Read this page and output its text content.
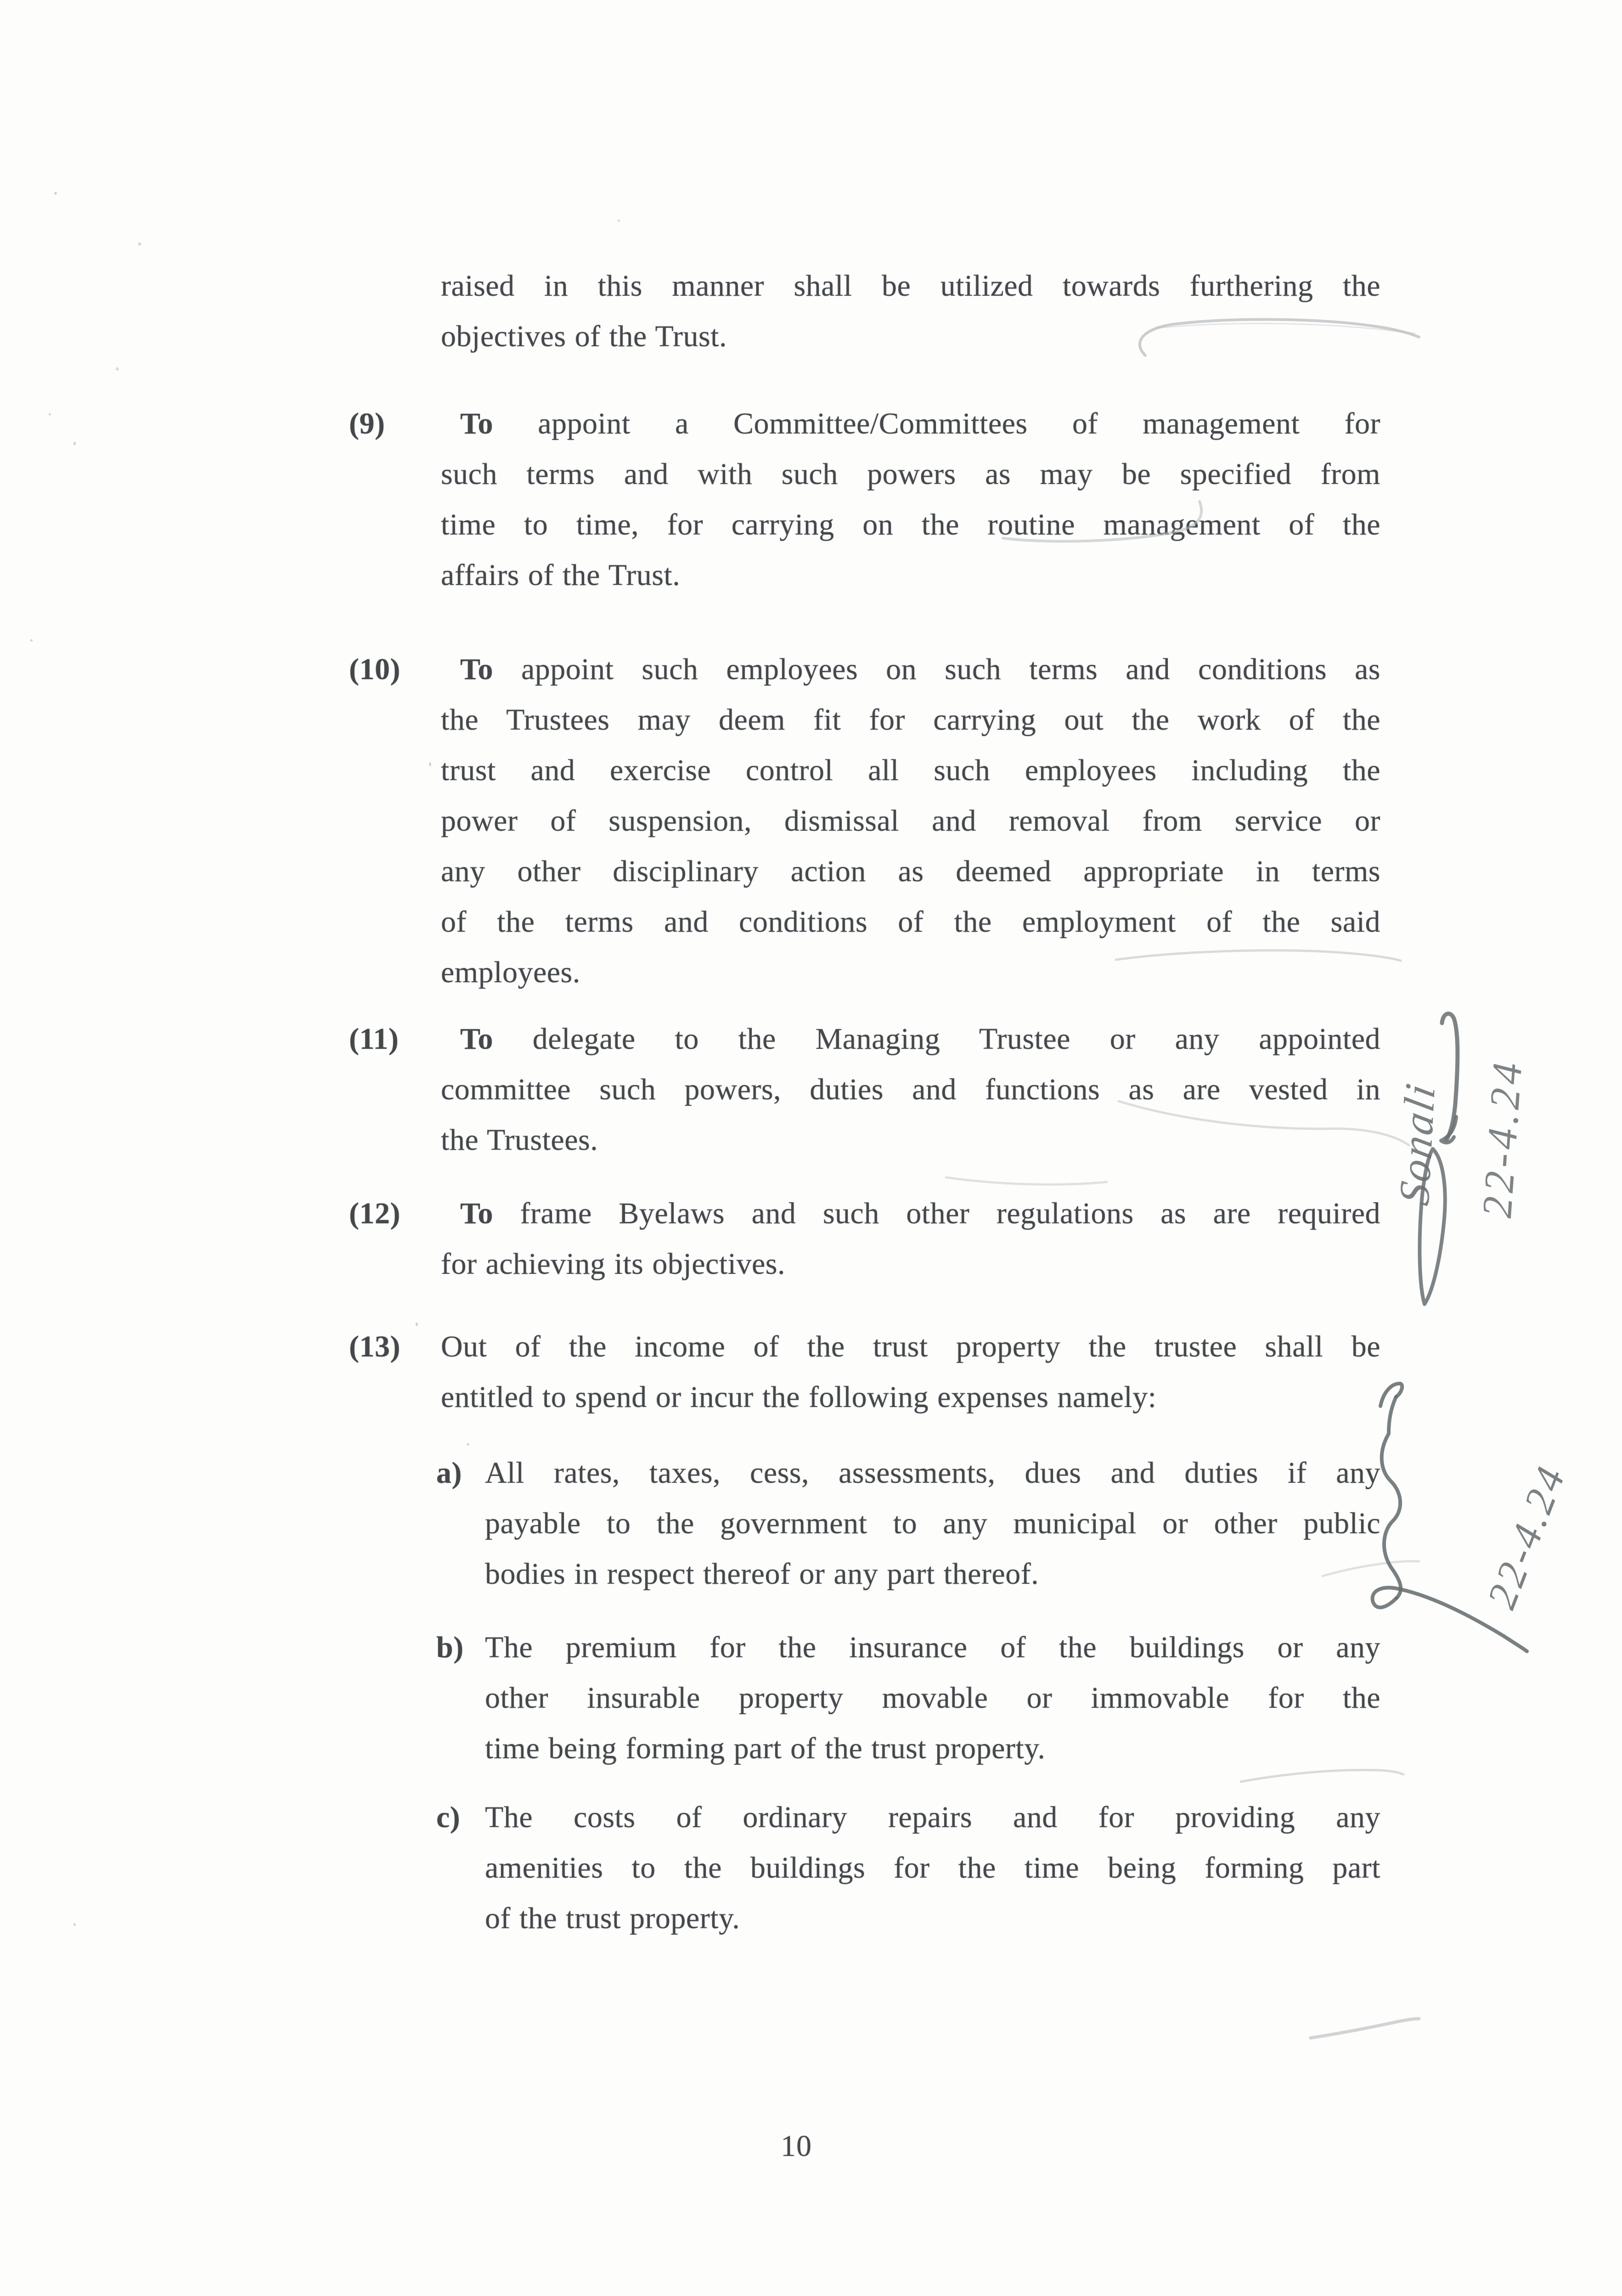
raised in this manner shall be utilized towards furthering the
objectives of the Trust.
(9)	To appoint a Committee/Committees of management for
such terms and with such powers as may be specified from
time to time, for carrying on the routine management of the
affairs of the Trust.
(10)	To appoint such employees on such terms and conditions as
the Trustees may deem fit for carrying out the work of the
trust and exercise control all such employees including the
power of suspension, dismissal and removal from service or
any other disciplinary action as deemed appropriate in terms
of the terms and conditions of the employment of the said
employees.
(11)	To delegate to the Managing Trustee or any appointed
committee such powers, duties and functions as are vested in
the Trustees.
(12)	To frame Byelaws and such other regulations as are required
for achieving its objectives.
(13)	Out of the income of the trust property the trustee shall be
entitled to spend or incur the following expenses namely:
a) All rates, taxes, cess, assessments, dues and duties if any
payable to the government to any municipal or other public
bodies in respect thereof or any part thereof.
b) The premium for the insurance of the buildings or any
other insurable property movable or immovable for the
time being forming part of the trust property.
c) The costs of ordinary repairs and for providing any
amenities to the buildings for the time being forming part
of the trust property.
10
Sonali 22-4.24
22-4.24
